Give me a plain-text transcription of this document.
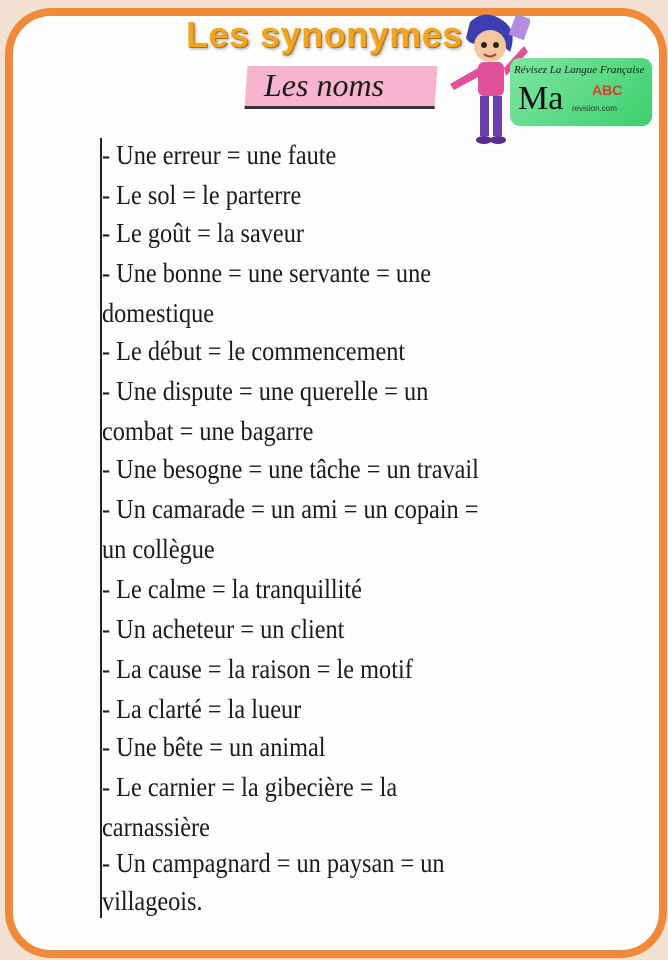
Les synonymes
Les noms	Révisez La Langue Française
Ma ABC
revision.com
- Une erreur = une faute
- Le sol = le parterre
- Le goût = la saveur
- Une bonne = une servante = une
domestique
- Le début = le commencement
- Une dispute = une querelle = un
combat = une bagarre
- Une besogne = une tâche = un travail
- Un camarade = un ami = un copain =
un collègue
- Le calme = la tranquillité
- Un acheteur = un client
- La cause = la raison = le motif
- La clarté = la lueur
- Une bête = un animal
- Le carnier = la gibecière = la
carnassière
- Un campagnard = un paysan = un
villageois.
